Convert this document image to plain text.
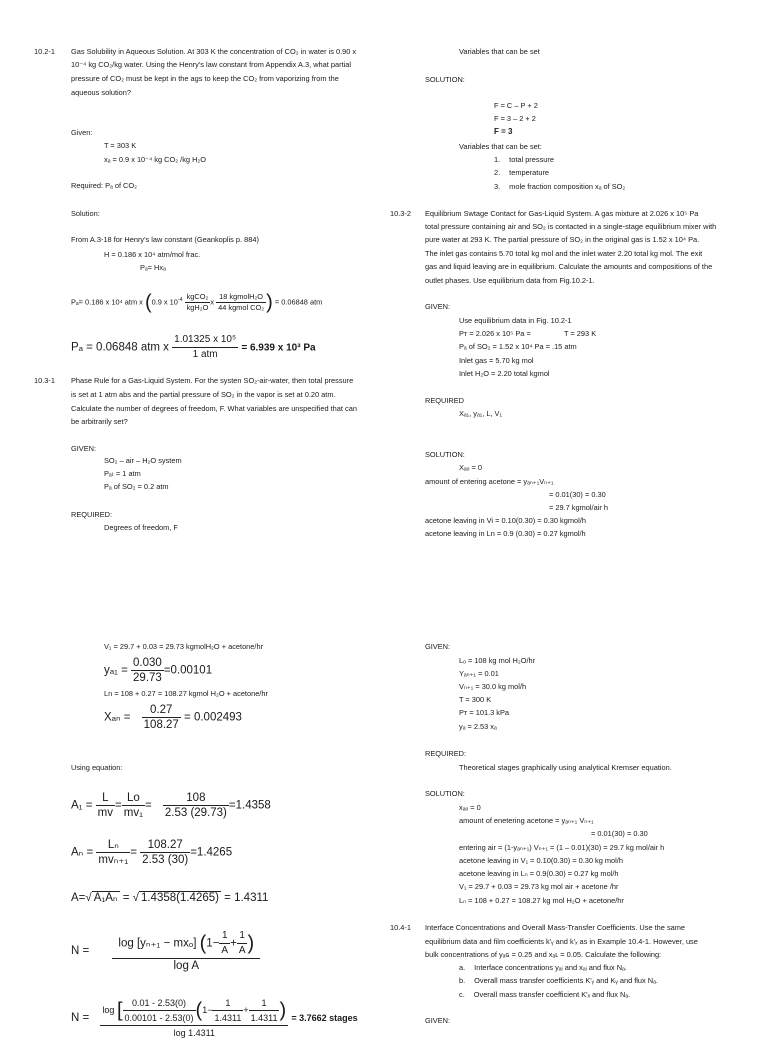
10.2-1 Gas Solubility in Aqueous Solution. At 303 K the concentration of CO₂ in water is 0.90 x
10⁻⁴ kg CO₂/kg water. Using the Henry's law constant from Appendix A.3, what partial
pressure of CO₂ must be kept in the ags to keep the CO₂ from vaporizing from the
aqueous solution?
Given:
T = 303 K
xₐ = 0.9 x 10⁻⁴ kg CO₂ /kg H₂O
Required: Pₐ of CO₂
Solution:
From A.3-18 for Henry's law constant (Geankoplis p. 884)
H = 0.186 x 10⁴ atm/mol frac.
Pₐ= Hxₐ
Pₐ= 0.186 x 10⁴ atm x (0.9 x $10^{-4} \frac{\text{kgCO₂}}{\text{kgH₂O}}$ x $\frac{\text{18 kgmolH₂O}}{\text{44 kgmol CO₂}}$ ) = 0.06848 atm
Pₐ = 0.06848 atm x $\frac{\text{1.01325 x 10⁵}}{\text{1 atm}} = 6.939$ x 10³ Pa
10.3-1 Phase Rule for a Gas-Liquid System. For the systen SO₂-air-water, then total pressure
is set at 1 atm abs and the partial pressure of SO₂ in the vapor is set at 0.20 atm.
Calculate the number of degrees of freedom, F. What variables are unspecified that can
be arbitrarily set?
GIVEN:
SO₂ – air – H₂O system
Pₐₜ = 1 atm
Pₐ of SO₂ = 0.2 atm
REQUIRED:
Degrees of freedom, F
Variables that can be set
SOLUTION:
F = C – P + 2
F = 3 – 2 + 2
F = 3
Variables that can be set:
1. total pressure
2. temperature
3. mole fraction composition xₐ of SO₂
10.3-2 Equilibrium Swtage Contact for Gas-Liquid System. A gas mixture at 2.026 x 10⁵ Pa
total pressure containing air and SO₂ is contacted in a single-stage equilibrium mixer with
pure water at 293 K. The partial pressure of SO₂ in the original gas is 1.52 x 10⁴ Pa.
The inlet gas contains 5.70 total kg mol and the inlet water 2.20 total kg mol. The exit
gas and liquid leaving are in equilibrium. Calculate the amounts and compositions of the
outlet phases. Use equilibrium data from Fig.10.2-1.
GIVEN:
Use equilibrium data in Fig. 10.2-1
Pᴛ = 2.026 x 10⁵ Pa =	T = 293 K
Pₐ of SO₂ = 1.52 x 10⁴ Pa = .15 atm
Inlet gas = 5.70 kg mol
Inlet H₂O = 2.20 total kgmol
REQUIRED
Xₐ₁, yₐ₁, L, V₁
SOLUTION:
Xₐₒ = 0
amount of entering acetone = yₐₙ₊₁Vₙ₊₁
= 0.01(30) = 0.30
= 29.7 kgmol/air h
acetone leaving in Vi = 0.10(0.30) = 0.30 kgmol/h
acetone leaving in Ln = 0.9 (0.30) = 0.27 kgmol/h
V₁ = 29.7 + 0.03 = 29.73 kgmolH₂O + acetone/hr
$y_{a1} = \frac{0.030}{29.73} =0.00101$
Ln = 108 + 0.27 = 108.27 kgmol H₂O + acetone/hr
$X_{an} = \frac{0.27}{108.27} = 0.002493$
Using equation:
$A_1 = \frac{L}{mv} = \frac{Lo}{\text{mv₁}} = \frac{108}{2.53 (29.73)} =1.4358$
$A_n = \frac{\text{Lₙ}}{\text{mvₙ₊₁}} = \frac{108.27}{2.53 (30)} =1.4265$
A=√ A₁Aₙ = √ 1.4358(1.4265) = 1.4311
$N = \frac{\log [y_{n+1} - mx_o] (1- \frac{1}{A} + \frac{1}{A} )}{\text{log A}}$
$N = \frac{\log [ \frac{0.01 - 2.53(0)}{0.00101 - 2.53(0)} (1- \frac{1}{1.4311} + \frac{1}{1.4311} )}{\log 1.4311} = 3.7662$ stages
GIVEN:
Lₒ = 108 kg mol H₂O/hr
Yₐₙ₊₁ = 0.01
Vₙ₊₁ = 30.0 kg mol/h
T = 300 K
Pᴛ = 101.3 kPa
yₐ = 2.53 xₐ
REQUIRED:
Theoretical stages graphically using analytical Kremser equation.
SOLUTION:
xₐₒ = 0
amount of enetering acetone = yₐₙ₊₁ Vₙ₊₁
= 0.01(30) = 0.30
entering air = (1-yₐₙ₊₁) Vₙ₊₁ = (1 – 0.01)(30) = 29.7 kg mol/air h
acetone leaving in V₁ = 0.10(0.30) = 0.30 kg mol/h
acetone leaving in Lₙ = 0.9(0.30) = 0.27 kg mol/h
V₁ = 29.7 + 0.03 = 29.73 kg mol air + acetone /hr
Lₙ = 108 + 0.27 = 108.27 kg mol H₂O + acetone/hr
10.4-1 Interface Concentrations and Overall Mass-Transfer Coefficients. Use the same
equilibrium data and film coefficients k'ᵧ and k'ₓ as in Example 10.4-1. However, use
bulk concentrations of yₐɢ = 0.25 and xₐʟ = 0.05. Calculate the following:
a. Interface concentrations yₐᵢ and xₐᵢ and flux Nₐ.
b. Overall mass transfer coefficients K'ᵧ and Kᵧ and flux Nₐ.
c. Overall mass transfer coefficient K'ₓ and flux Nₐ.
GIVEN:
